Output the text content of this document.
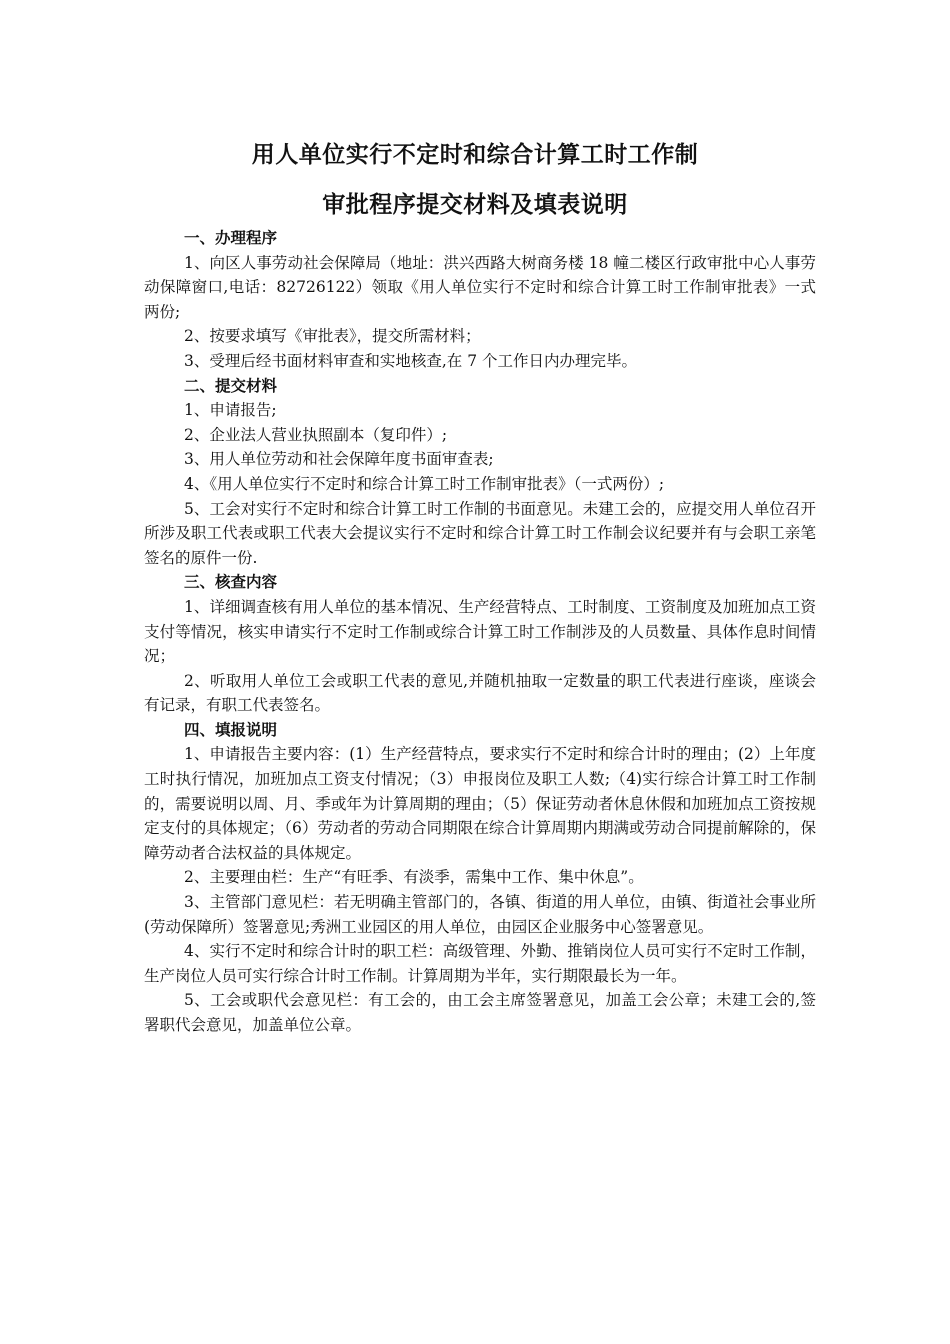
用人单位实行不定时和综合计算工时工作制
审批程序提交材料及填表说明

一、办理程序

1、向区人事劳动社会保障局（地址：洪兴西路大树商务楼 18 幢二楼区行政审批中心人事劳动保障窗口,电话：82726122）领取《用人单位实行不定时和综合计算工时工作制审批表》一式两份;

2、按要求填写《审批表》，提交所需材料；

3、受理后经书面材料审查和实地核查,在 7 个工作日内办理完毕。

二、提交材料

1、申请报告;

2、企业法人营业执照副本（复印件）;

3、用人单位劳动和社会保障年度书面审查表;

4、《用人单位实行不定时和综合计算工时工作制审批表》（一式两份）;

5、工会对实行不定时和综合计算工时工作制的书面意见。未建工会的，应提交用人单位召开所涉及职工代表或职工代表大会提议实行不定时和综合计算工时工作制会议纪要并有与会职工亲笔签名的原件一份.

三、核查内容

1、详细调查核有用人单位的基本情况、生产经营特点、工时制度、工资制度及加班加点工资支付等情况，核实申请实行不定时工作制或综合计算工时工作制涉及的人员数量、具体作息时间情况；

2、听取用人单位工会或职工代表的意见,并随机抽取一定数量的职工代表进行座谈，座谈会有记录，有职工代表签名。

四、填报说明

1、申请报告主要内容：(1）生产经营特点，要求实行不定时和综合计时的理由；(2）上年度工时执行情况，加班加点工资支付情况；（3）申报岗位及职工人数;（4)实行综合计算工时工作制的，需要说明以周、月、季或年为计算周期的理由；（5）保证劳动者休息休假和加班加点工资按规定支付的具体规定；（6）劳动者的劳动合同期限在综合计算周期内期满或劳动合同提前解除的，保障劳动者合法权益的具体规定。

2、主要理由栏：生产“有旺季、有淡季，需集中工作、集中休息”。

3、主管部门意见栏：若无明确主管部门的，各镇、街道的用人单位，由镇、街道社会事业所(劳动保障所）签署意见;秀洲工业园区的用人单位，由园区企业服务中心签署意见。

4、实行不定时和综合计时的职工栏：高级管理、外勤、推销岗位人员可实行不定时工作制，生产岗位人员可实行综合计时工作制。计算周期为半年，实行期限最长为一年。

5、工会或职代会意见栏：有工会的，由工会主席签署意见，加盖工会公章；未建工会的,签署职代会意见，加盖单位公章。
